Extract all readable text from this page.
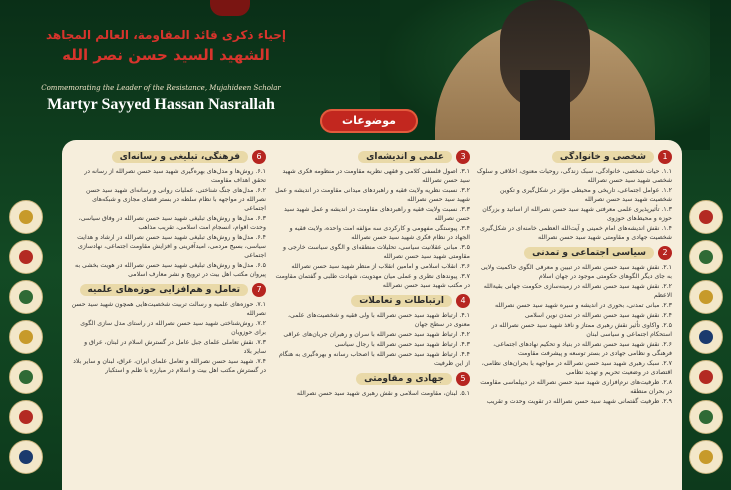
إحياء ذکری قائد المقاومة، العالم المجاهد
الشهيد السيد حسن نصر الله
Commemorating the Leader of the Resistance, Mujahideen Scholar
Martyr Sayyed Hassan Nasrallah
موضوعات
1
شخصی و خانوادگی
۱.۱. حیات شخصی، خانوادگی، سبک زندگی، روحیات معنوی، اخلاقی و سلوک شخصی شهید سید حسن نصرالله
۱.۲. عوامل اجتماعی، تاریخی و محیطی مؤثر در شکل‌گیری و تکوین شخصیت شهید سید حسن نصرالله
۱.۳. تأثیرپذیری علمی معرفتی شهید سید حسن نصرالله از اساتید و بزرگان حوزه و محیط‌های حوزوی
۱.۴. نقش اندیشه‌های امام خمینی و آیت‌الله العظمی خامنه‌ای در شکل‌گیری شخصیت جهادی و مقاومتی شهید سید حسن نصرالله
2
سیاسی اجتماعی و تمدنی
۲.۱. نقش شهید سید حسن نصرالله در تبیین و معرفی الگوی حاکمیت ولایی به جای دیگر الگوهای حکومتی موجود در جهان اسلام
۲.۲. نقش شهید سید حسن نصرالله در زمینه‌سازی حکومت جهانی بقیة‌الله الاعظم
۲.۳. مبانی تمدنی، بحوری در اندیشه و سیره شهید سید حسن نصرالله
۲.۴. نقش شهید سید حسن نصرالله در تمدن نوین اسلامی
۲.۵. واکاوی تأثیر نقش رهبری ممتاز و نافذ شهید سید حسن نصرالله در استحکام اجتماعی و سیاسی لبنان
۲.۶. نقش شهید سید حسن نصرالله در بنیاد و تحکیم نهادهای اجتماعی، فرهنگی و نظامی جهادی در بستر توسعه و پیشرفت مقاومت
۲.۷. سبک رهبری شهید سید حسن نصرالله در مواجهه با بحران‌های نظامی، اقتصادی در وضعیت تحریم و تهدید نظامی
۲.۸. ظرفیت‌های نرم‌افزاری شهید سید حسن نصرالله در دیپلماسی مقاومت در بحران منطقه
۲.۹. ظرفیت گفتمانی شهید سید حسن نصرالله در تقویت وحدت و تقریب
3
علمی و اندیشه‌ای
۳.۱. اصول فلسفی کلامی و فقهی نظریه مقاومت در منظومه فکری شهید سید حسن نصرالله
۳.۲. نسبت نظریه ولایت فقیه و راهبردهای میدانی مقاومت در اندیشه و عمل شهید سید حسن نصرالله
۳.۳. نسبت ولایت فقیه و راهبردهای مقاومت در اندیشه و عمل شهید سید حسن نصرالله
۳.۴. پیوستگی مفهومی و کارکردی سه مؤلفه امت واحده، ولایت فقیه و الجهاد در نظام فکری شهید سید حسن نصرالله
۳.۵. مبانی عقلانیت سیاسی، تحلیلات منطقه‌ای و الگوی سیاست خارجی و مقاومتی شهید سید حسن نصرالله
۳.۶. انقلاب اسلامی و امامین انقلاب از منظر شهید سید حسن نصرالله
۳.۷. پیوندهای نظری و عملی میان مهدویت، شهادت طلبی و گفتمان مقاومت در مکتب شهید سید حسن نصرالله
4
ارتباطات و تعاملات
۴.۱. ارتباط شهید سید حسن نصرالله با ولی فقیه و شخصیت‌های علمی، معنوی در سطح جهان
۴.۲. ارتباط شهید سید حسن نصرالله با سران و رهبران جریان‌های عراقی
۴.۳. ارتباط شهید سید حسن نصرالله با رجال سیاسی
۴.۴. ارتباط شهید سید حسن نصرالله با اصحاب رسانه و بهره‌گیری به هنگام از این ظرفیت
5
جهادی و مقاومتی
۵.۱. لبنان، مقاومت اسلامی و نقش رهبری شهید سید حسن نصرالله
6
فرهنگی، تبلیغی و رسانه‌ای
۶.۱. روش‌ها و مدل‌های بهره‌گیری شهید سید حسن نصرالله از رسانه در تحقق اهداف مقاومت
۶.۲. مدل‌های جنگ شناختی، عملیات روانی و رسانه‌ای شهید سید حسن نصرالله در مواجهه با نظام سلطه در بستر فضای مجازی و شبکه‌های اجتماعی
۶.۳. مدل‌ها و روش‌های تبلیغی شهید سید حسن نصرالله در وفاق سیاسی، وحدت اقوام، انسجام امت اسلامی، تقریب مذاهب
۶.۴. مدل‌ها و روش‌های تبلیغی شهید سید حسن نصرالله در ارشاد و هدایت سیاسی، بسیج مردمی، امیدآفرینی و افزایش مقاومت اجتماعی، نهادسازی اجتماعی
۶.۵. مدل‌ها و روش‌های تبلیغی شهید سید حسن نصرالله در هویت بخشی به پیروان مکتب اهل بیت در ترویج و نشر معارف اسلامی
7
تعامل و هم‌افزایی حوزه‌های علمیه
۷.۱. حوزه‌های علمیه و رسالت تربیت شخصیت‌هایی همچون شهید سید حسن نصرالله
۷.۲. روش‌شناختی شهید سید حسن نصرالله در راستای مدل سازی الگوی برای حوزویان
۷.۳. نقش تعاملی علمای جبل عامل در گسترش اسلام در لبنان، عراق و سایر بلاد
۷.۴. شهید سید حسن نصرالله و تعامل علمای ایران، عراق، لبنان و سایر بلاد در گسترش مکتب اهل بیت و اسلام در مبارزه با ظلم و استکبار
